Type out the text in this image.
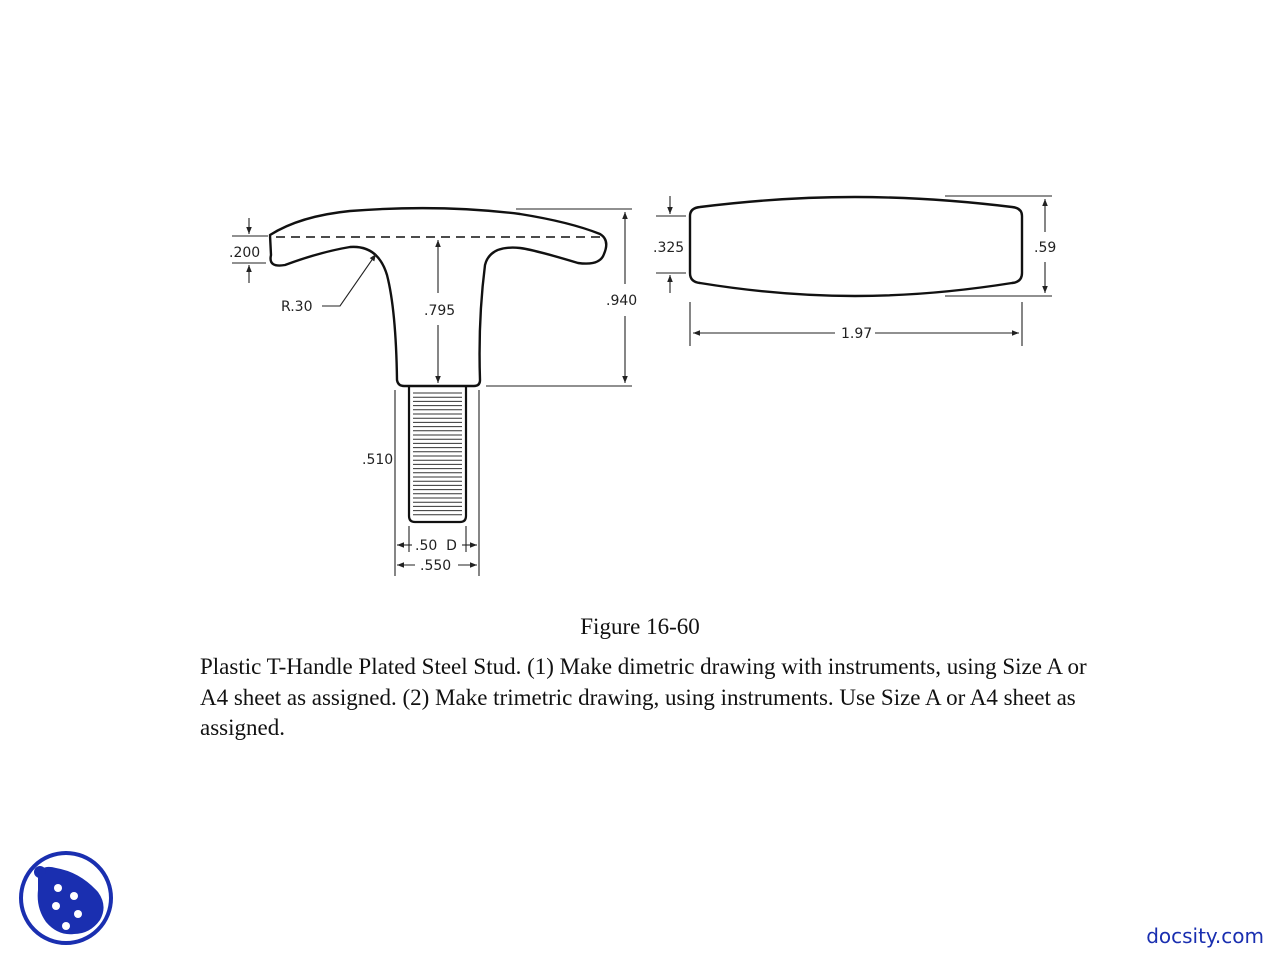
.200
R.30	.795
.940
.510
.50  D
.550
.325	.59
1.97
Figure 16-60
Plastic T-Handle Plated Steel Stud. (1) Make dimetric drawing with instruments, using Size A or A4 sheet as assigned. (2) Make trimetric drawing, using instruments. Use Size A or A4 sheet as assigned.
docsity.com
